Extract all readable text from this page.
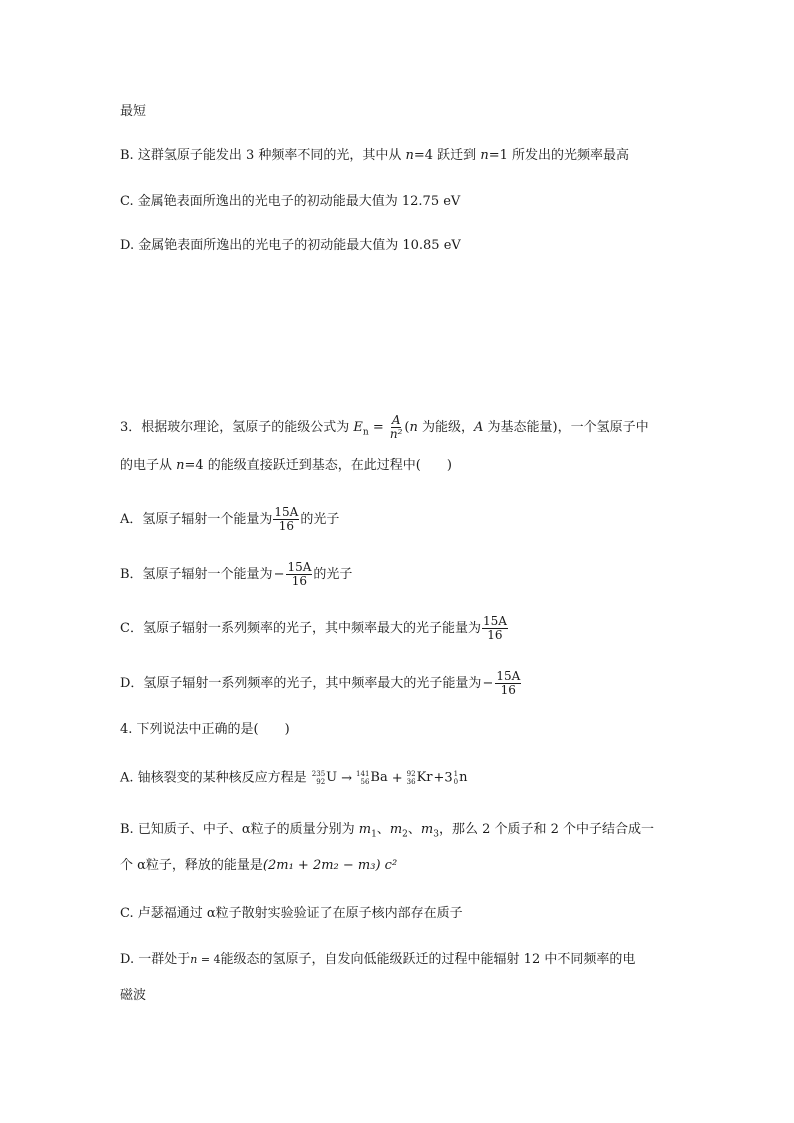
最短
B. 这群氢原子能发出 3 种频率不同的光，其中从 n=4 跃迁到 n=1 所发出的光频率最高
C. 金属铯表面所逸出的光电子的初动能最大值为 12.75 eV
D. 金属铯表面所逸出的光电子的初动能最大值为 10.85 eV
3．根据玻尔理论，氢原子的能级公式为 $E_n = \frac{A}{\text{n²}} (n$ 为能级，A 为基态能量)，一个氢原子中
的电子从 n=4 的能级直接跃迁到基态，在此过程中(　　)
A．氢原子辐射一个能量为 $\frac{15A}{16}$ 的光子
B．氢原子辐射一个能量为− $\frac{15A}{16}$ 的光子
C．氢原子辐射一系列频率的光子，其中频率最大的光子能量为 $\frac{15A}{16}$
D．氢原子辐射一系列频率的光子，其中频率最大的光子能量为− $\frac{15A}{16}$
4. 下列说法中正确的是(　　)
A. 铀核裂变的某种核反应方程是 235
92 U → 141
56 Ba + 92
36 Kr +3 1
0 n
B. 已知质子、中子、α粒子的质量分别为 $m_1$、$m_2$、$m_3$，那么 2 个质子和 2 个中子结合成一
个 α粒子，释放的能量是(2m₁ + 2m₂ − m₃) c²
C. 卢瑟福通过 α粒子散射实验验证了在原子核内部存在质子
D. 一群处于n = 4能级态的氢原子，自发向低能级跃迁的过程中能辐射 12 中不同频率的电
磁波
